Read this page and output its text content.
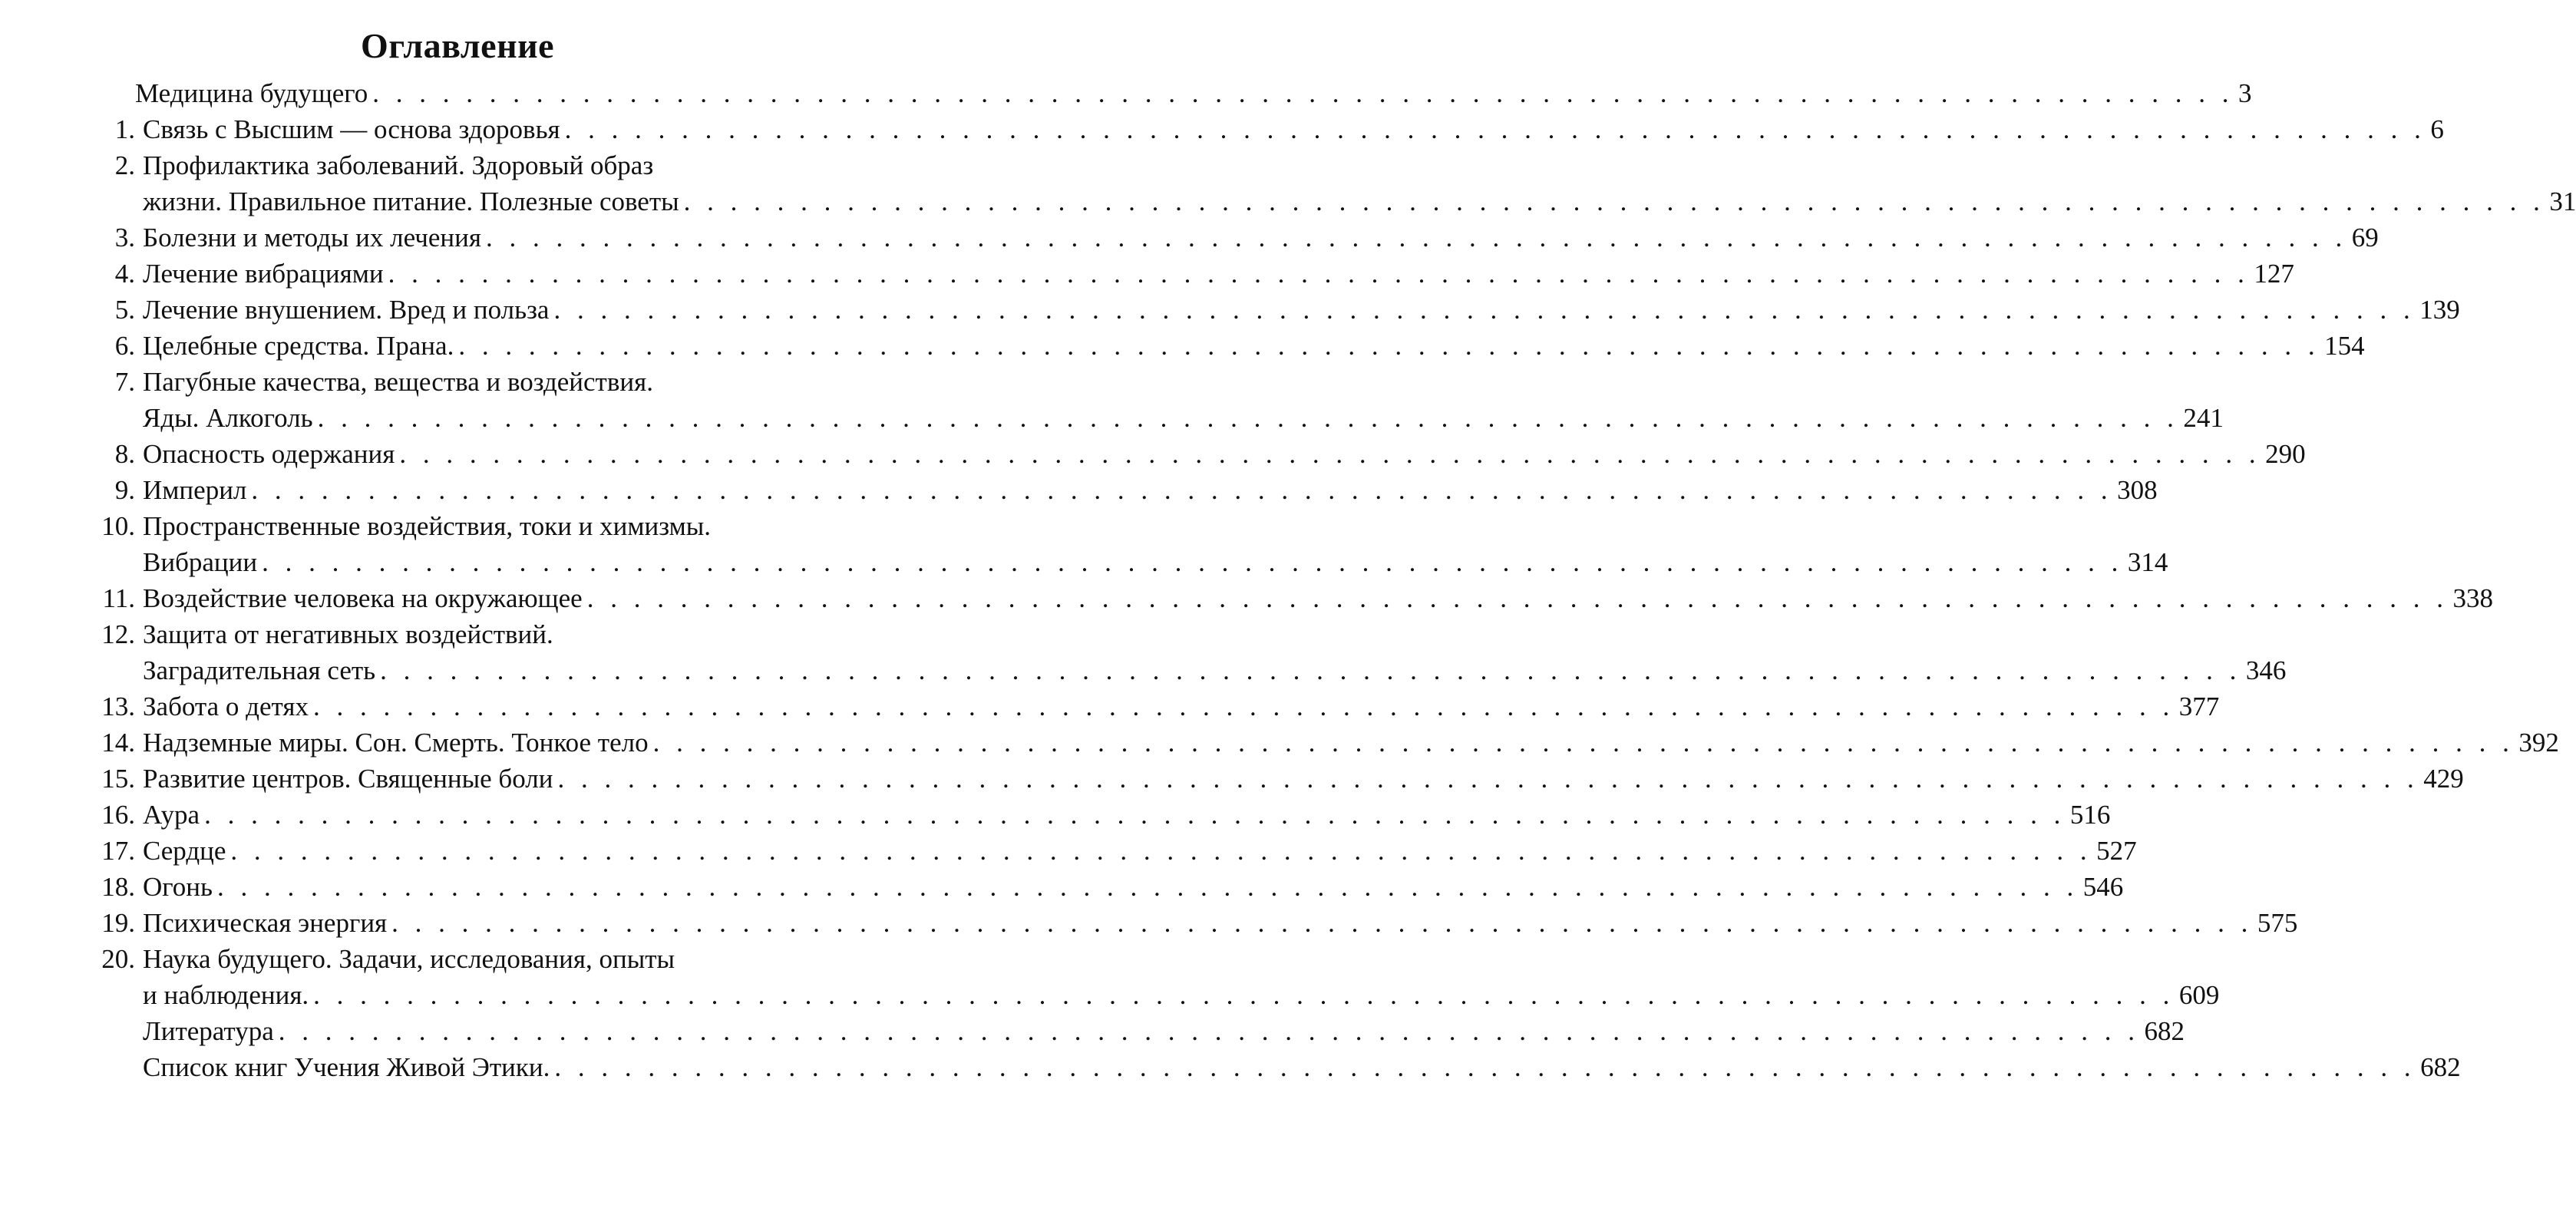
Оглавление
Медицина будущего . . . . . . . . . . . . . . . . . . . . . . . . . . . . . . . . . . . . . . . . . . . . . . . . . . . . . . . . . . . . . . . . . . . . . . . . . . . . . . . . 3
1. Связь с Высшим — основа здоровья . . . . . . . . . . . . . . . . . . . . . . . . . . . . . . . . . . . . . . . . . . . . . . . . . . . . . . . . . . . . . . . . . . . . . . . . . . . . . . . . 6
2. Профилактика заболеваний. Здоровый образ
жизни. Правильное питание. Полезные советы . . . . . . . . . . . . . . . . . . . . . . . . . . . . . . . . . . . . . . . . . . . . . . . . . . . . . . . . . . . . . . . . . . . . . . . . . . . . . . . . 31
3. Болезни и методы их лечения . . . . . . . . . . . . . . . . . . . . . . . . . . . . . . . . . . . . . . . . . . . . . . . . . . . . . . . . . . . . . . . . . . . . . . . . . . . . . . . . 69
4. Лечение вибрациями . . . . . . . . . . . . . . . . . . . . . . . . . . . . . . . . . . . . . . . . . . . . . . . . . . . . . . . . . . . . . . . . . . . . . . . . . . . . . . . . 127
5. Лечение внушением. Вред и польза . . . . . . . . . . . . . . . . . . . . . . . . . . . . . . . . . . . . . . . . . . . . . . . . . . . . . . . . . . . . . . . . . . . . . . . . . . . . . . . . 139
6. Целебные средства. Прана. . . . . . . . . . . . . . . . . . . . . . . . . . . . . . . . . . . . . . . . . . . . . . . . . . . . . . . . . . . . . . . . . . . . . . . . . . . . . . . . . 154
7. Пагубные качества, вещества и воздействия.
Яды. Алкоголь . . . . . . . . . . . . . . . . . . . . . . . . . . . . . . . . . . . . . . . . . . . . . . . . . . . . . . . . . . . . . . . . . . . . . . . . . . . . . . . . 241
8. Опасность одержания . . . . . . . . . . . . . . . . . . . . . . . . . . . . . . . . . . . . . . . . . . . . . . . . . . . . . . . . . . . . . . . . . . . . . . . . . . . . . . . . 290
9. Империл . . . . . . . . . . . . . . . . . . . . . . . . . . . . . . . . . . . . . . . . . . . . . . . . . . . . . . . . . . . . . . . . . . . . . . . . . . . . . . . . 308
10. Пространственные воздействия, токи и химизмы.
Вибрации . . . . . . . . . . . . . . . . . . . . . . . . . . . . . . . . . . . . . . . . . . . . . . . . . . . . . . . . . . . . . . . . . . . . . . . . . . . . . . . . 314
11. Воздействие человека на окружающее . . . . . . . . . . . . . . . . . . . . . . . . . . . . . . . . . . . . . . . . . . . . . . . . . . . . . . . . . . . . . . . . . . . . . . . . . . . . . . . . 338
12. Защита от негативных воздействий.
Заградительная сеть . . . . . . . . . . . . . . . . . . . . . . . . . . . . . . . . . . . . . . . . . . . . . . . . . . . . . . . . . . . . . . . . . . . . . . . . . . . . . . . . 346
13. Забота о детях . . . . . . . . . . . . . . . . . . . . . . . . . . . . . . . . . . . . . . . . . . . . . . . . . . . . . . . . . . . . . . . . . . . . . . . . . . . . . . . . 377
14. Надземные миры. Сон. Смерть. Тонкое тело . . . . . . . . . . . . . . . . . . . . . . . . . . . . . . . . . . . . . . . . . . . . . . . . . . . . . . . . . . . . . . . . . . . . . . . . . . . . . . . . 392
15. Развитие центров. Священные боли . . . . . . . . . . . . . . . . . . . . . . . . . . . . . . . . . . . . . . . . . . . . . . . . . . . . . . . . . . . . . . . . . . . . . . . . . . . . . . . . 429
16. Аура . . . . . . . . . . . . . . . . . . . . . . . . . . . . . . . . . . . . . . . . . . . . . . . . . . . . . . . . . . . . . . . . . . . . . . . . . . . . . . . . 516
17. Сердце . . . . . . . . . . . . . . . . . . . . . . . . . . . . . . . . . . . . . . . . . . . . . . . . . . . . . . . . . . . . . . . . . . . . . . . . . . . . . . . . 527
18. Огонь . . . . . . . . . . . . . . . . . . . . . . . . . . . . . . . . . . . . . . . . . . . . . . . . . . . . . . . . . . . . . . . . . . . . . . . . . . . . . . . . 546
19. Психическая энергия . . . . . . . . . . . . . . . . . . . . . . . . . . . . . . . . . . . . . . . . . . . . . . . . . . . . . . . . . . . . . . . . . . . . . . . . . . . . . . . . 575
20. Наука будущего. Задачи, исследования, опыты
и наблюдения. . . . . . . . . . . . . . . . . . . . . . . . . . . . . . . . . . . . . . . . . . . . . . . . . . . . . . . . . . . . . . . . . . . . . . . . . . . . . . . . . 609
Литература . . . . . . . . . . . . . . . . . . . . . . . . . . . . . . . . . . . . . . . . . . . . . . . . . . . . . . . . . . . . . . . . . . . . . . . . . . . . . . . . 682
Список книг Учения Живой Этики. . . . . . . . . . . . . . . . . . . . . . . . . . . . . . . . . . . . . . . . . . . . . . . . . . . . . . . . . . . . . . . . . . . . . . . . . . . . . . . . . 682
